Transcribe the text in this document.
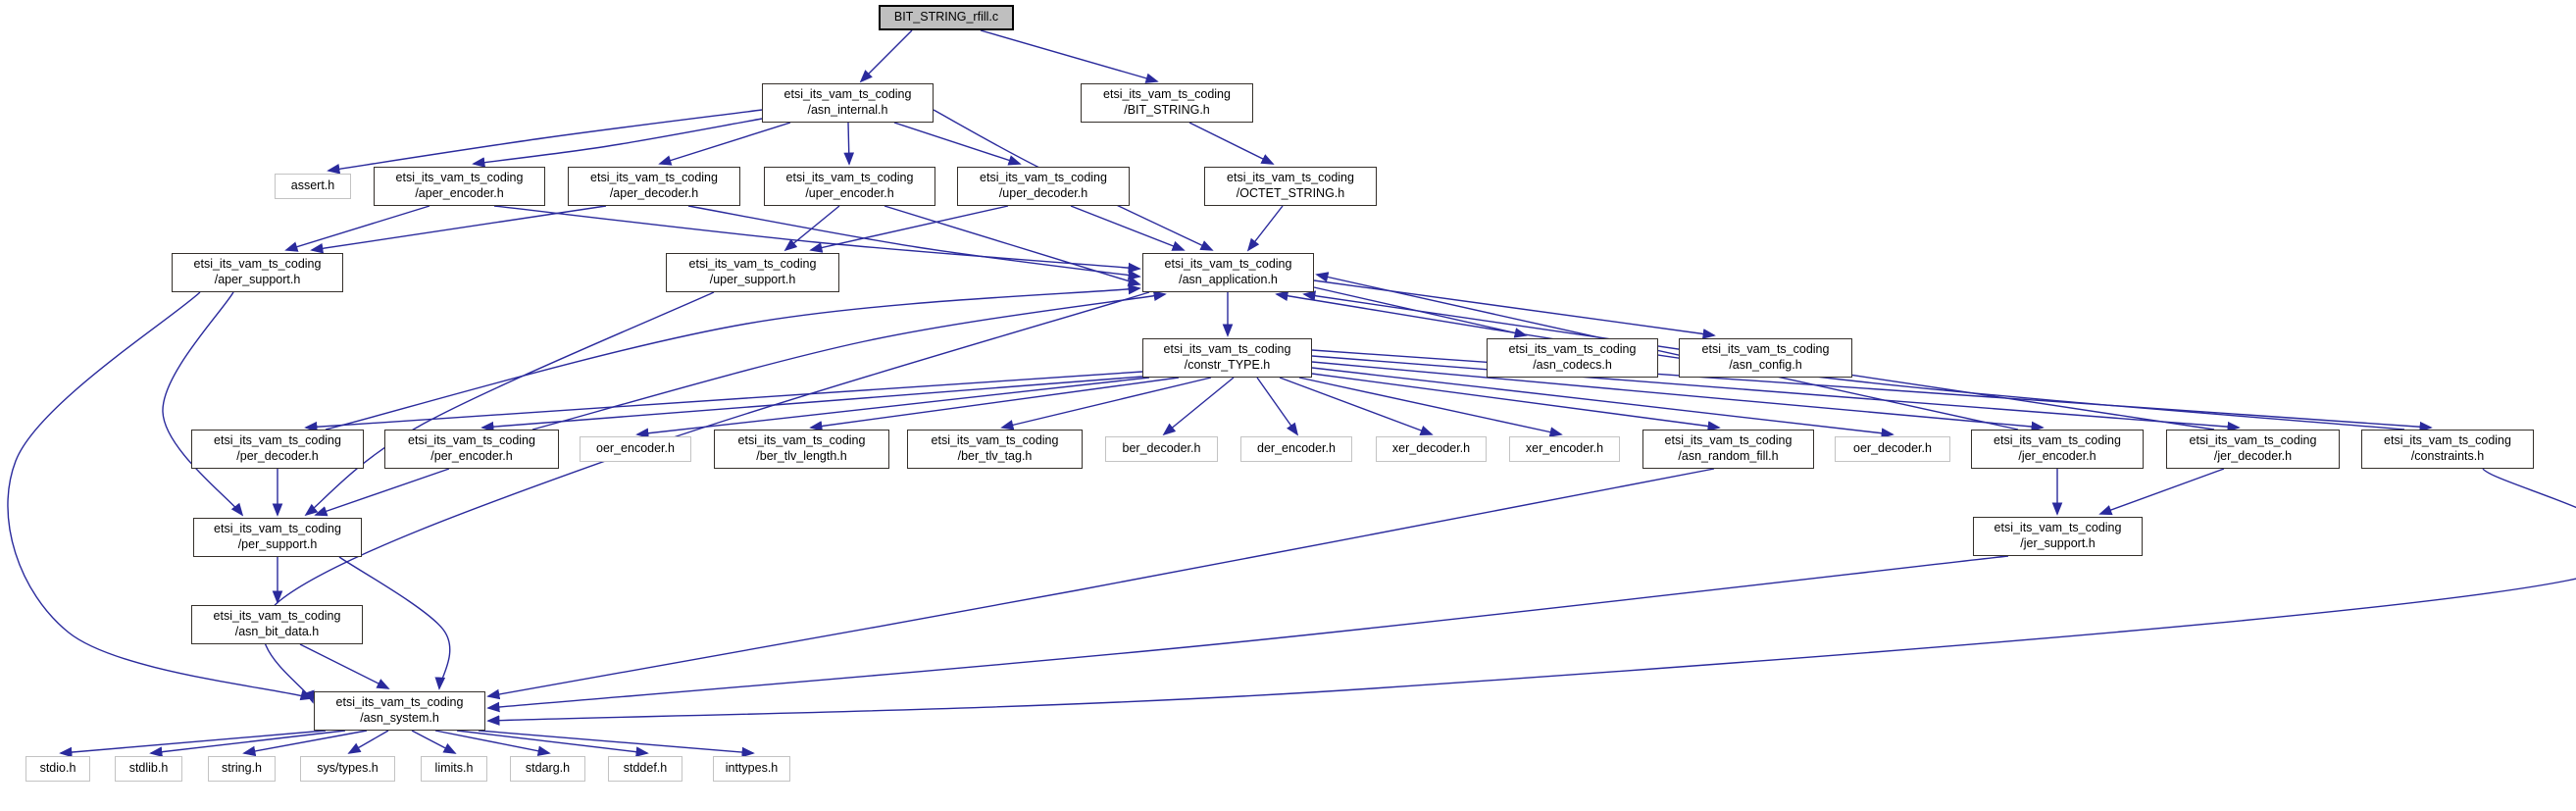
BIT_STRING_rfill.c
etsi_its_vam_ts_coding
/asn_internal.h
etsi_its_vam_ts_coding
/BIT_STRING.h
assert.h
etsi_its_vam_ts_coding
/aper_encoder.h
etsi_its_vam_ts_coding
/aper_decoder.h
etsi_its_vam_ts_coding
/uper_encoder.h
etsi_its_vam_ts_coding
/uper_decoder.h
etsi_its_vam_ts_coding
/OCTET_STRING.h
etsi_its_vam_ts_coding
/aper_support.h
etsi_its_vam_ts_coding
/uper_support.h
etsi_its_vam_ts_coding
/asn_application.h
etsi_its_vam_ts_coding
/constr_TYPE.h
etsi_its_vam_ts_coding
/asn_codecs.h
etsi_its_vam_ts_coding
/asn_config.h
etsi_its_vam_ts_coding
/per_decoder.h
etsi_its_vam_ts_coding
/per_encoder.h
oer_encoder.h
etsi_its_vam_ts_coding
/ber_tlv_length.h
etsi_its_vam_ts_coding
/ber_tlv_tag.h
ber_decoder.h	der_encoder.h	xer_decoder.h	xer_encoder.h
etsi_its_vam_ts_coding
/asn_random_fill.h
oer_decoder.h
etsi_its_vam_ts_coding
/jer_encoder.h
etsi_its_vam_ts_coding
/jer_decoder.h
etsi_its_vam_ts_coding
/constraints.h
etsi_its_vam_ts_coding
/per_support.h
etsi_its_vam_ts_coding
/jer_support.h
etsi_its_vam_ts_coding
/asn_bit_data.h
etsi_its_vam_ts_coding
/asn_system.h
stdio.h	stdlib.h	string.h	sys/types.h	limits.h	stdarg.h	stddef.h	inttypes.h
